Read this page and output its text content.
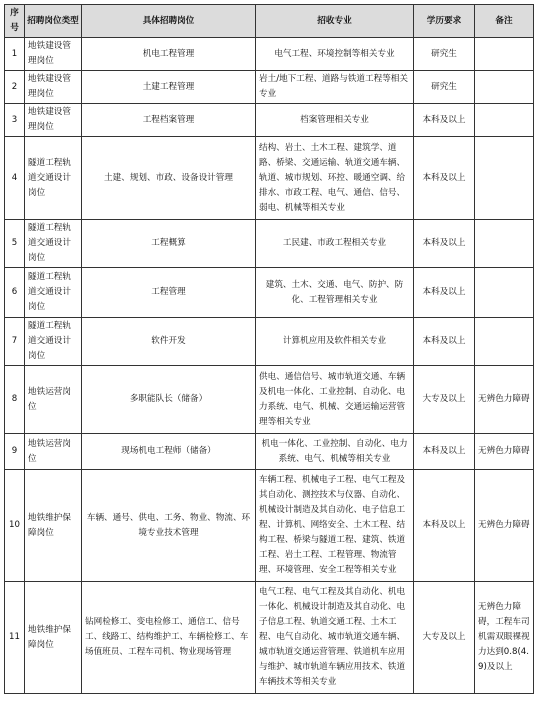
序号	招聘岗位类型	具体招聘岗位	招收专业	学历要求	备注
1	地铁建设管理岗位	机电工程管理	电气工程、环境控制等相关专业	研究生	
2	地铁建设管理岗位	土建工程管理	岩土/地下工程、道路与铁道工程等相关专业	研究生	
3	地铁建设管理岗位	工程档案管理	档案管理相关专业	本科及以上	
4	隧道工程轨道交通设计岗位	土建、规划、市政、设备设计管理	结构、岩土、土木工程、建筑学、道路、桥梁、交通运输、轨道交通车辆、轨道、城市规划、环控、暖通空调、给排水、市政工程、电气、通信、信号、弱电、机械等相关专业	本科及以上	
5	隧道工程轨道交通设计岗位	工程概算	工民建、市政工程相关专业	本科及以上	
6	隧道工程轨道交通设计岗位	工程管理	建筑、土木、交通、电气、防护、防化、工程管理相关专业	本科及以上	
7	隧道工程轨道交通设计岗位	软件开发	计算机应用及软件相关专业	本科及以上	
8	地铁运营岗位	多职能队长（储备）	供电、通信信号、城市轨道交通、车辆及机电一体化、工业控制、自动化、电力系统、电气、机械、交通运输运营管理等相关专业	大专及以上	无辨色力障碍
9	地铁运营岗位	现场机电工程师（储备）	机电一体化、工业控制、自动化、电力系统、电气、机械等相关专业	本科及以上	无辨色力障碍
10	地铁维护保障岗位	车辆、通号、供电、工务、物业、物流、环境专业技术管理	车辆工程、机械电子工程、电气工程及其自动化、测控技术与仪器、自动化、机械设计制造及其自动化、电子信息工程、计算机、网络安全、土木工程、结构工程、桥梁与隧道工程、建筑、铁道工程、岩土工程、工程管理、物流管理、环境管理、安全工程等相关专业	本科及以上	无辨色力障碍
11	地铁维护保障岗位	钻网检修工、变电检修工、通信工、信号工、线路工、结构维护工、车辆检修工、车场值班员、工程车司机、物业现场管理	电气工程、电气工程及其自动化、机电一体化、机械设计制造及其自动化、电子信息工程、轨道交通工程、土木工程、电气自动化、城市轨道交通车辆、城市轨道交通运营管理、铁道机车应用与维护、城市轨道车辆应用技术、铁道车辆技术等相关专业	大专及以上	无辨色力障碍，工程车司机需双眼裸视力达到0.8(4.9)及以上
